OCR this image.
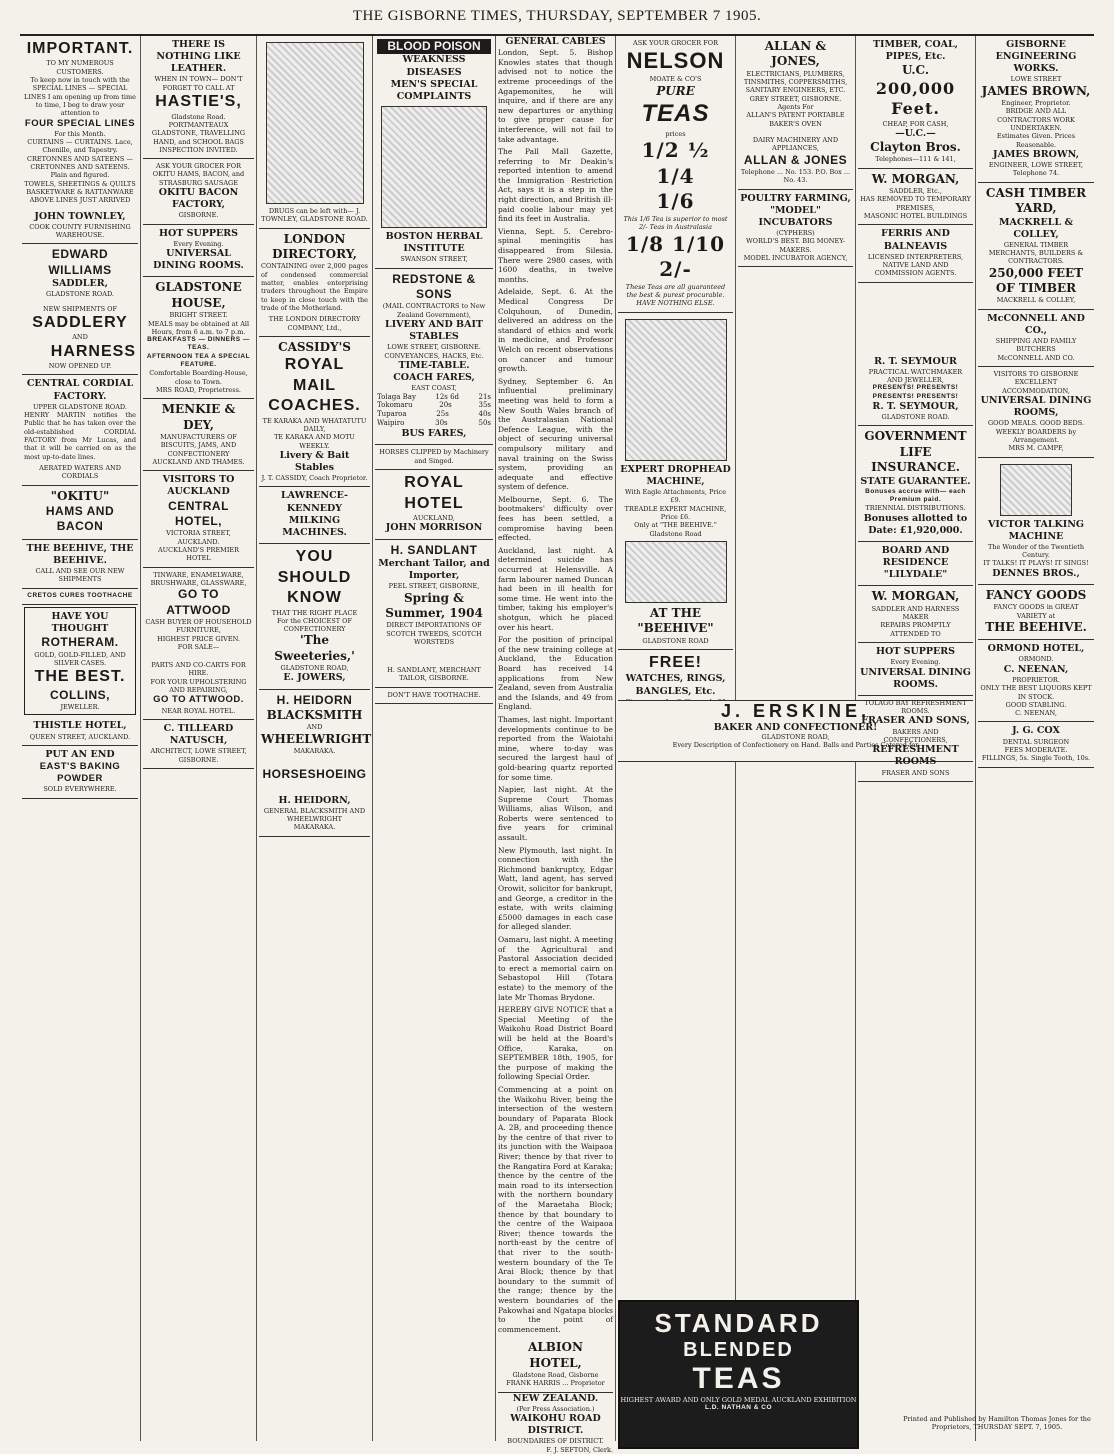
THE GISBORNE TIMES, THURSDAY, SEPTEMBER 7 1905.
IMPORTANT.
TO MY NUMEROUS CUSTOMERS.
To keep now in touch with the SPECIAL LINES — SPECIAL LINES I am opening up from time to time, I beg to draw your attention to
FOUR SPECIAL LINES
For this Month.
CURTAINS — CURTAINS. Lace, Chenille, and Tapestry.
CRETONNES AND SATEENS — CRETONNES AND SATEENS. Plain and figured.
TOWELS, SHEETINGS & QUILTS
BASKETWARE & RATTANWARE
ABOVE LINES JUST ARRIVED
JOHN TOWNLEY,
COOK COUNTY FURNISHING WAREHOUSE.
EDWARD WILLIAMS
SADDLER,
GLADSTONE ROAD.
NEW SHIPMENTS OF
SADDLERY
AND
HARNESS
NOW OPENED UP.
CENTRAL CORDIAL FACTORY.
UPPER GLADSTONE ROAD.

HENRY MARTIN notifies the Public that he has taken over the old-established CORDIAL FACTORY from Mr Lucas, and that it will be carried on as the most up-to-date lines.

AERATED WATERS AND CORDIALS
"OKITU"
HAMS AND BACON
THE BEEHIVE, THE BEEHIVE.
CALL AND SEE OUR NEW SHIPMENTS
CRETOS CURES TOOTHACHE
HAVE YOU THOUGHT
ROTHERAM.
GOLD, GOLD-FILLED, AND SILVER CASES.
THE BEST.
COLLINS,
JEWELLER.
THISTLE HOTEL,
QUEEN STREET, AUCKLAND.
PUT AN END
EAST'S BAKING POWDER
SOLD EVERYWHERE.
THERE IS NOTHING LIKE LEATHER.
WHEN IN TOWN— DON'T FORGET TO CALL AT
HASTIE'S,
Gladstone Road.
PORTMANTEAUX GLADSTONE, TRAVELLING HAND, and SCHOOL BAGS
INSPECTION INVITED.
ASK YOUR GROCER FOR OKITU HAMS, BACON, and STRASBURG SAUSAGE
OKITU BACON FACTORY,
GISBORNE.
HOT SUPPERS
Every Evening.
UNIVERSAL DINING ROOMS.
GLADSTONE HOUSE,
BRIGHT STREET.
MEALS may be obtained at All Hours, from 6 a.m. to 7 p.m.
BREAKFASTS — DINNERS — TEAS.
AFTERNOON TEA A SPECIAL FEATURE.
Comfortable Boarding-House, close to Town.
MRS ROAD, Proprietress.
MENKIE & DEY,
MANUFACTURERS OF BISCUITS, JAMS, AND CONFECTIONERY
AUCKLAND AND THAMES.
VISITORS TO AUCKLAND
CENTRAL HOTEL,
VICTORIA STREET, AUCKLAND.
AUCKLAND'S PREMIER HOTEL
TINWARE, ENAMELWARE, BRUSHWARE, GLASSWARE,
GO TO ATTWOOD
CASH BUYER OF HOUSEHOLD FURNITURE,
HIGHEST PRICE GIVEN.
FOR SALE—
PARTS AND CO-CARTS FOR HIRE.
FOR YOUR UPHOLSTERING AND REPAIRING,
GO TO ATTWOOD.
NEAR ROYAL HOTEL.
C. TILLEARD NATUSCH,
ARCHITECT, LOWE STREET, GISBORNE.
DRUGS can be left with— J. TOWNLEY, GLADSTONE ROAD.
LONDON DIRECTORY,

CONTAINING over 2,000 pages of condensed commercial matter, enables enterprising traders throughout the Empire to keep in close touch with the trade of the Motherland.

THE LONDON DIRECTORY COMPANY, Ltd.,
CASSIDY'S
ROYAL MAIL COACHES.
TE KARAKA AND WHATATUTU DAILY,
TE KARAKA AND MOTU WEEKLY.
Livery & Bait Stables
J. T. CASSIDY, Coach Proprietor.
LAWRENCE-KENNEDY MILKING MACHINES.
YOU SHOULD KNOW
THAT THE RIGHT PLACE
For the CHOICEST OF CONFECTIONERY
'The Sweeteries,'
GLADSTONE ROAD,
E. JOWERS,
H. HEIDORN
BLACKSMITH
AND
WHEELWRIGHT
MAKARAKA.
HORSESHOEING
H. HEIDORN,
GENERAL BLACKSMITH AND WHEELWRIGHT
MAKARAKA.
BLOOD POISON
WEAKNESS DISEASES
MEN'S SPECIAL COMPLAINTS
BOSTON HERBAL INSTITUTE
SWANSON STREET,
REDSTONE & SONS
(MAIL CONTRACTORS to New Zealand Government),
LIVERY AND BAIT STABLES
LOWE STREET, GISBORNE.
CONVEYANCES, HACKS, Etc.
TIME-TABLE.
COACH FARES,
EAST COAST,
Tolaga Bay	12s 6d	21s
Tokomaru	20s	35s
Tuparoa	25s	40s
Waipiro	30s	50s
BUS FARES,
HORSES CLIPPED by Machinery and Singed.
ROYAL HOTEL
AUCKLAND,
JOHN MORRISON
H. SANDLANT
Merchant Tailor, and Importer,
PEEL STREET, GISBORNE,
Spring & Summer, 1904
DIRECT IMPORTATIONS OF SCOTCH TWEEDS, SCOTCH WORSTEDS
H. SANDLANT, MERCHANT TAILOR, GISBORNE.
DON'T HAVE TOOTHACHE.
GENERAL CABLES

London, Sept. 5. Bishop Knowles states that though advised not to notice the extreme proceedings of the Agapemonites, he will inquire, and if there are any new departures or anything to give proper cause for interference, will not fail to take advantage.

The Pall Mall Gazette, referring to Mr Deakin's reported intention to amend the Immigration Restriction Act, says it is a step in the right direction, and British ill-paid coolie labour may yet find its feet in Australia.

Vienna, Sept. 5. Cerebro-spinal meningitis has disappeared from Silesia. There were 2980 cases, with 1600 deaths, in twelve months.

Adelaide, Sept. 6. At the Medical Congress Dr Colquhoun, of Dunedin, delivered an address on the standard of ethics and work in medicine, and Professor Welch on recent observations on cancer and tumour growth.

Sydney, September 6. An influential preliminary meeting was held to form a New South Wales branch of the Australasian National Defence League, with the object of securing universal compulsory military and naval training on the Swiss system, providing an adequate and effective system of defence.

Melbourne, Sept. 6. The bootmakers' difficulty over fees has been settled, a compromise having been effected.

Auckland, last night. A determined suicide has occurred at Helensville. A farm labourer named Duncan had been in ill health for some time. He went into the timber, taking his employer's shotgun, which he placed over his heart.

For the position of principal of the new training college at Auckland, the Education Board has received 14 applications from New Zealand, seven from Australia and the Islands, and 49 from England.

Thames, last night. Important developments continue to be reported from the Waiotahi mine, where to-day was secured the largest haul of gold-bearing quartz reported for some time.

Napier, last night. At the Supreme Court Thomas Williams, alias Wilson, and Roberts were sentenced to five years for criminal assault.

New Plymouth, last night. In connection with the Richmond bankruptcy, Edgar Watt, land agent, has served Orowit, solicitor for bankrupt, and George, a creditor in the estate, with writs claiming £5000 damages in each case for alleged slander.

Oamaru, last night. A meeting of the Agricultural and Pastoral Association decided to erect a memorial cairn on Sebastopol Hill (Totara estate) to the memory of the late Mr Thomas Brydone.

HEREBY GIVE NOTICE that a Special Meeting of the Waikohu Road District Board will be held at the Board's Office, Karaka, on SEPTEMBER 18th, 1905, for the purpose of making the following Special Order.

Commencing at a point on the Waikohu River, being the intersection of the western boundary of Paparata Block A. 2B, and proceeding thence by the centre of that river to its junction with the Waipaoa River; thence by that river to the Rangatira Ford at Karaka; thence by the centre of the main road to its intersection with the northern boundary of the Maraetaha Block; thence by that boundary to the centre of the Waipaoa River; thence towards the north-east by the centre of that river to the south-western boundary of the Te Arai Block; thence by that boundary to the summit of the range; thence by the western boundaries of the Pakowhai and Ngatapa blocks to the point of commencement.

ALBION HOTEL,
Gladstone Road, Gisborne
FRANK HARRIS ... Proprietor
NEW ZEALAND.
(Per Press Association.)
WAIKOHU ROAD DISTRICT.
BOUNDARIES OF DISTRICT.
F. J. SEFTON, Clerk.
ASK YOUR GROCER FOR
NELSON
MOATE & CO'S
PURE
TEAS
prices
1/2 ½ 1/4
1/6
This 1/6 Tea is superior to most 2/- Teas in Australasia
1/8 1/10
2/-
These Teas are all guaranteed the best & purest procurable. HAVE NOTHING ELSE.
EXPERT DROPHEAD MACHINE,
With Eagle Attachments, Price £9.
TREADLE EXPERT MACHINE, Price £6.
Only at "THE BEEHIVE." Gladstone Road
AT THE "BEEHIVE"
GLADSTONE ROAD
FREE!
WATCHES, RINGS, BANGLES, Etc.
J. ERSKINE,
BAKER AND CONFECTIONER!
GLADSTONE ROAD,
Every Description of Confectionery on Hand. Balls and Parties Catered for
STANDARD
BLENDED
TEAS
HIGHEST AWARD AND ONLY GOLD MEDAL AUCKLAND EXHIBITION
L.D. NATHAN & CO
ALLAN & JONES,
ELECTRICIANS, PLUMBERS, TINSMITHS, COPPERSMITHS, SANITARY ENGINEERS, ETC.
GREY STREET, GISBORNE.
Agents For
ALLAN'S PATENT PORTABLE BAKER'S OVEN
DAIRY MACHINERY AND APPLIANCES,
ALLAN & JONES
Telephone ... No. 153. P.O. Box ... No. 43.
POULTRY FARMING,
"MODEL" INCUBATORS
(CYPHERS)
WORLD'S BEST. BIG MONEY-MAKERS.
MODEL INCUBATOR AGENCY,
TIMBER, COAL, PIPES, Etc.
U.C.
200,000 Feet.
CHEAP, FOR CASH,
—U.C.—
Clayton Bros.
Telephones—111 & 141,
W. MORGAN,
SADDLER, Etc.,
HAS REMOVED TO TEMPORARY PREMISES,
MASONIC HOTEL BUILDINGS
FERRIS AND BALNEAVIS
LICENSED INTERPRETERS, NATIVE LAND AND COMMISSION AGENTS.
R. T. SEYMOUR
PRACTICAL WATCHMAKER AND JEWELLER,
PRESENTS! PRESENTS! PRESENTS! PRESENTS!
R. T. SEYMOUR,
GLADSTONE ROAD.
GOVERNMENT LIFE INSURANCE.
STATE GUARANTEE.
Bonuses accrue with— each Premium paid.
TRIENNIAL DISTRIBUTIONS.
Bonuses allotted to Date: £1,920,000.
BOARD AND RESIDENCE
"LILYDALE"
W. MORGAN,
SADDLER AND HARNESS MAKER
REPAIRS PROMPTLY ATTENDED TO
HOT SUPPERS
Every Evening.
UNIVERSAL DINING ROOMS.
TOLAGO BAY REFRESHMENT ROOMS.
FRASER AND SONS,
BAKERS AND CONFECTIONERS,
REFRESHMENT ROOMS
FRASER AND SONS
GISBORNE ENGINEERING WORKS.
LOWE STREET
JAMES BROWN,
Engineer, Proprietor.
BRIDGE AND ALL CONTRACTORS WORK UNDERTAKEN.
Estimates Given. Prices Reasonable.
JAMES BROWN,
ENGINEER, LOWE STREET,
Telephone 74.
CASH TIMBER YARD,
MACKRELL & COLLEY,
GENERAL TIMBER MERCHANTS, BUILDERS & CONTRACTORS.
250,000 FEET OF TIMBER
MACKRELL & COLLEY,
McCONNELL AND CO.,
SHIPPING AND FAMILY BUTCHERS
McCONNELL AND CO.
VISITORS TO GISBORNE
EXCELLENT ACCOMMODATION,
UNIVERSAL DINING ROOMS,
GOOD MEALS. GOOD BEDS.
WEEKLY BOARDERS by Arrangement.
MRS M. CAMPF,
VICTOR TALKING MACHINE
The Wonder of the Twentieth Century.
IT TALKS! IT PLAYS! IT SINGS!
DENNES BROS.,
FANCY GOODS
FANCY GOODS in GREAT VARIETY at
THE BEEHIVE.
ORMOND HOTEL,
ORMOND.
C. NEENAN,
PROPRIETOR.
ONLY THE BEST LIQUORS KEPT IN STOCK.
GOOD STABLING.
C. NEENAN,
J. G. COX
DENTAL SURGEON
FEES MODERATE.
FILLINGS, 5s. Single Tooth, 10s.
Printed and Published by Hamilton Thomas Jones for the Proprietors, THURSDAY SEPT. 7, 1905.
